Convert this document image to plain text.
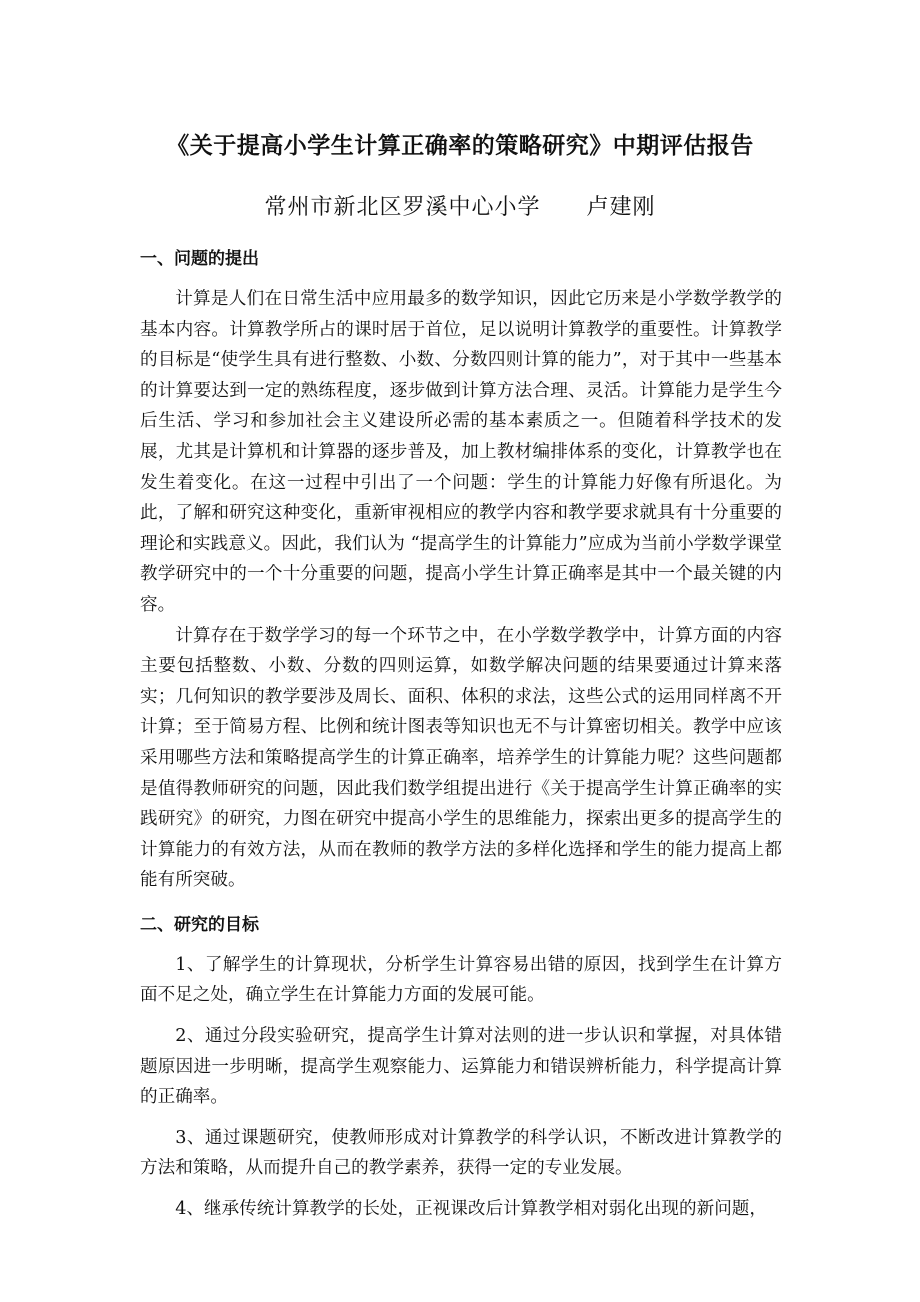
《关于提高小学生计算正确率的策略研究》中期评估报告
常州市新北区罗溪中心小学 卢建刚
一、问题的提出

计算是人们在日常生活中应用最多的数学知识，因此它历来是小学数学教学的基本内容。计算教学所占的课时居于首位，足以说明计算教学的重要性。计算教学的目标是“使学生具有进行整数、小数、分数四则计算的能力”，对于其中一些基本的计算要达到一定的熟练程度，逐步做到计算方法合理、灵活。计算能力是学生今后生活、学习和参加社会主义建设所必需的基本素质之一。但随着科学技术的发展，尤其是计算机和计算器的逐步普及，加上教材编排体系的变化，计算教学也在发生着变化。在这一过程中引出了一个问题：学生的计算能力好像有所退化。为此，了解和研究这种变化，重新审视相应的教学内容和教学要求就具有十分重要的理论和实践意义。因此，我们认为 “提高学生的计算能力”应成为当前小学数学课堂教学研究中的一个十分重要的问题，提高小学生计算正确率是其中一个最关键的内容。

计算存在于数学学习的每一个环节之中，在小学数学教学中，计算方面的内容主要包括整数、小数、分数的四则运算，如数学解决问题的结果要通过计算来落实；几何知识的教学要涉及周长、面积、体积的求法，这些公式的运用同样离不开计算；至于简易方程、比例和统计图表等知识也无不与计算密切相关。教学中应该采用哪些方法和策略提高学生的计算正确率，培养学生的计算能力呢？这些问题都是值得教师研究的问题，因此我们数学组提出进行《关于提高学生计算正确率的实践研究》的研究，力图在研究中提高小学生的思维能力，探索出更多的提高学生的计算能力的有效方法，从而在教师的教学方法的多样化选择和学生的能力提高上都能有所突破。

二、研究的目标

1、了解学生的计算现状，分析学生计算容易出错的原因，找到学生在计算方面不足之处，确立学生在计算能力方面的发展可能。

2、通过分段实验研究，提高学生计算对法则的进一步认识和掌握，对具体错题原因进一步明晰，提高学生观察能力、运算能力和错误辨析能力，科学提高计算的正确率。

3、通过课题研究，使教师形成对计算教学的科学认识，不断改进计算教学的方法和策略，从而提升自己的教学素养，获得一定的专业发展。

4、继承传统计算教学的长处，正视课改后计算教学相对弱化出现的新问题，
